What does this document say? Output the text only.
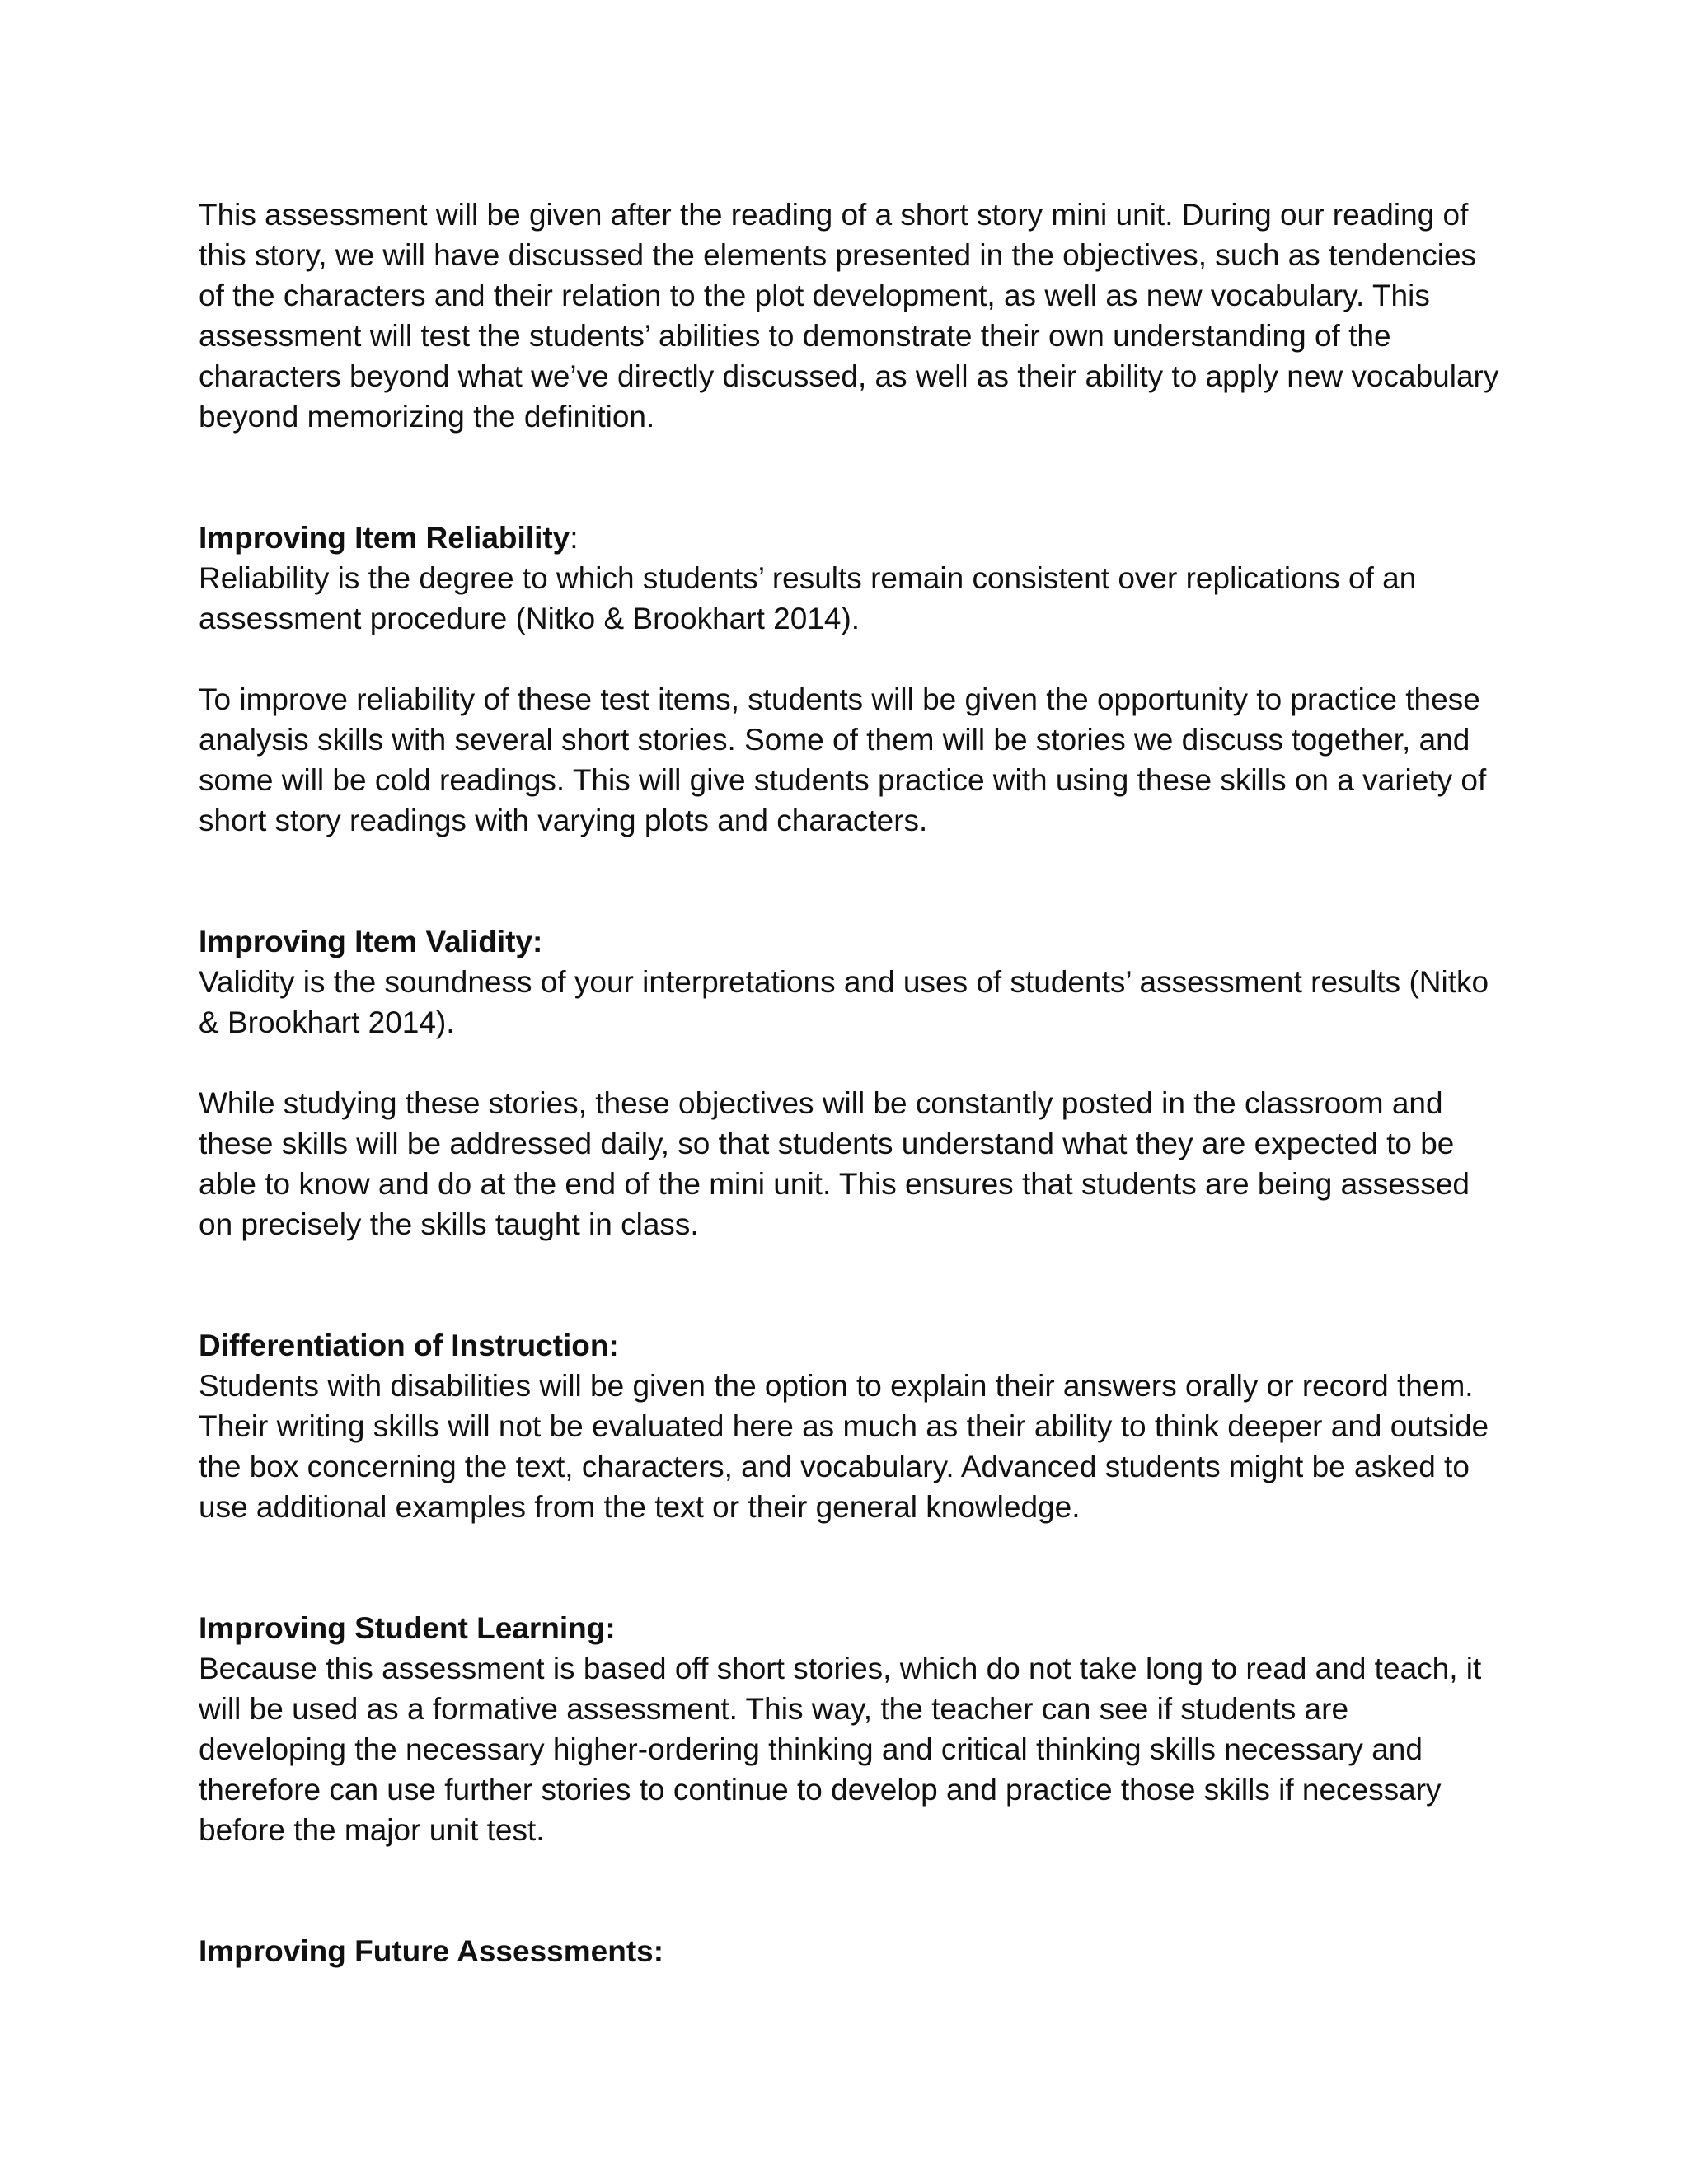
This assessment will be given after the reading of a short story mini unit. During our reading of this story, we will have discussed the elements presented in the objectives, such as tendencies of the characters and their relation to the plot development, as well as new vocabulary. This assessment will test the students’ abilities to demonstrate their own understanding of the characters beyond what we’ve directly discussed, as well as their ability to apply new vocabulary beyond memorizing the definition.

Improving Item Reliability:

Reliability is the degree to which students’ results remain consistent over replications of an assessment procedure (Nitko & Brookhart 2014).

To improve reliability of these test items, students will be given the opportunity to practice these analysis skills with several short stories. Some of them will be stories we discuss together, and some will be cold readings. This will give students practice with using these skills on a variety of short story readings with varying plots and characters.

Improving Item Validity:

Validity is the soundness of your interpretations and uses of students’ assessment results (Nitko & Brookhart 2014).

While studying these stories, these objectives will be constantly posted in the classroom and these skills will be addressed daily, so that students understand what they are expected to be able to know and do at the end of the mini unit. This ensures that students are being assessed on precisely the skills taught in class.

Differentiation of Instruction:

Students with disabilities will be given the option to explain their answers orally or record them. Their writing skills will not be evaluated here as much as their ability to think deeper and outside the box concerning the text, characters, and vocabulary. Advanced students might be asked to use additional examples from the text or their general knowledge.

Improving Student Learning:

Because this assessment is based off short stories, which do not take long to read and teach, it will be used as a formative assessment. This way, the teacher can see if students are developing the necessary higher-ordering thinking and critical thinking skills necessary and therefore can use further stories to continue to develop and practice those skills if necessary before the major unit test.

Improving Future Assessments:
